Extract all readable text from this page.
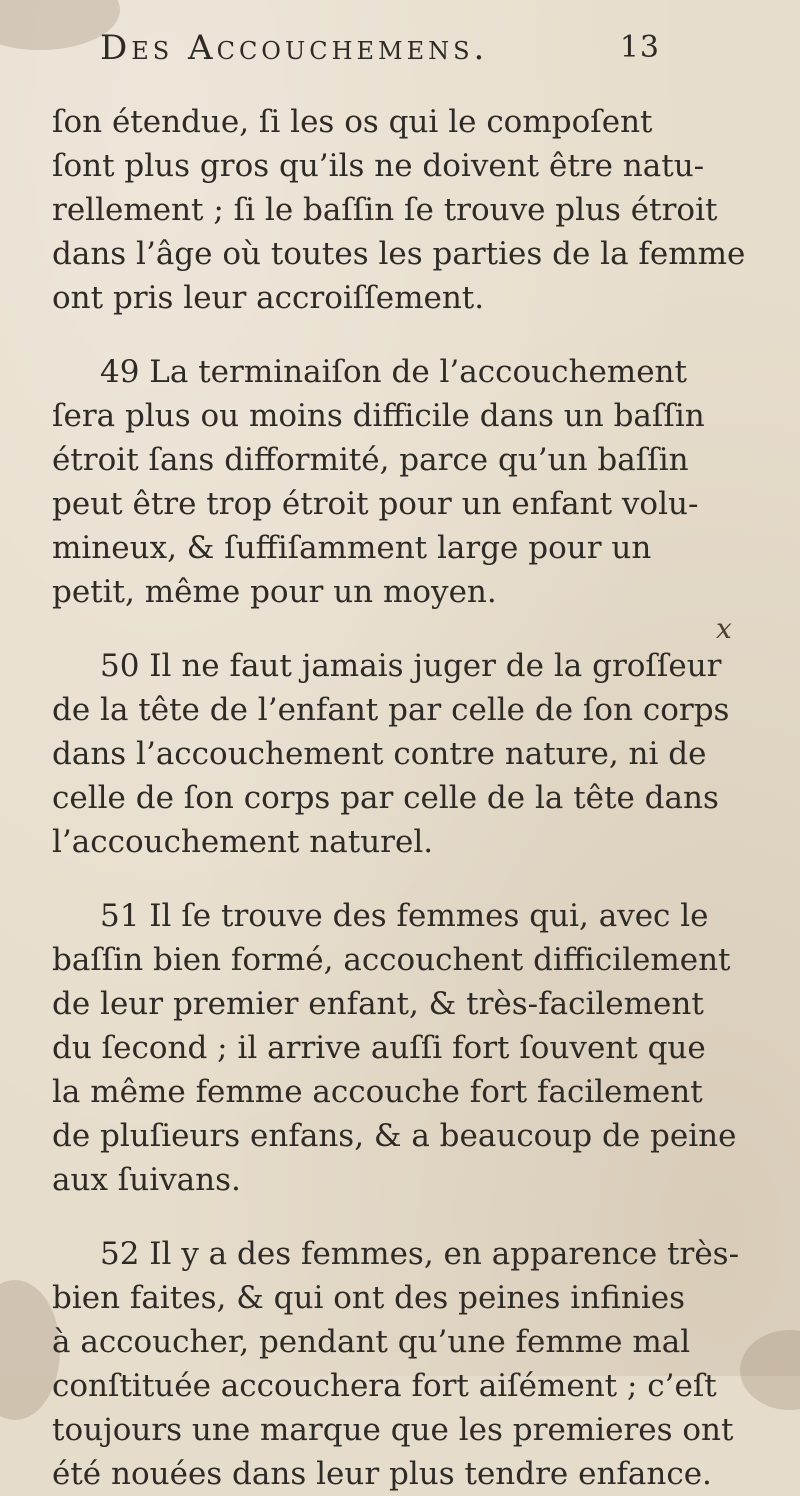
Des Accouchemens.	13
ſon étendue, ſi les os qui le compoſent
ſont plus gros qu’ils ne doivent être natu-
rellement ; ſi le baſſin ſe trouve plus étroit
dans l’âge où toutes les parties de la femme
ont pris leur accroiſſement.
49 La terminaiſon de l’accouchement
ſera plus ou moins difficile dans un baſſin
étroit ſans difformité, parce qu’un baſſin
peut être trop étroit pour un enfant volu-
mineux, & ſuffiſamment large pour un
petit, même pour un moyen.
50 Il ne faut jamais juger de la groſſeur
de la tête de l’enfant par celle de ſon corps
dans l’accouchement contre nature, ni de
celle de ſon corps par celle de la tête dans
l’accouchement naturel.
51 Il ſe trouve des femmes qui, avec le
baſſin bien formé, accouchent difficilement
de leur premier enfant, & très-facilement
du ſecond ; il arrive auſſi fort ſouvent que
la même femme accouche fort facilement
de pluſieurs enfans, & a beaucoup de peine
aux ſuivans.
52 Il y a des femmes, en apparence très-
bien faites, & qui ont des peines infinies
à accoucher, pendant qu’une femme mal
conſtituée accouchera fort aiſément ; c’eſt
toujours une marque que les premieres ont
été nouées dans leur plus tendre enfance.
x
